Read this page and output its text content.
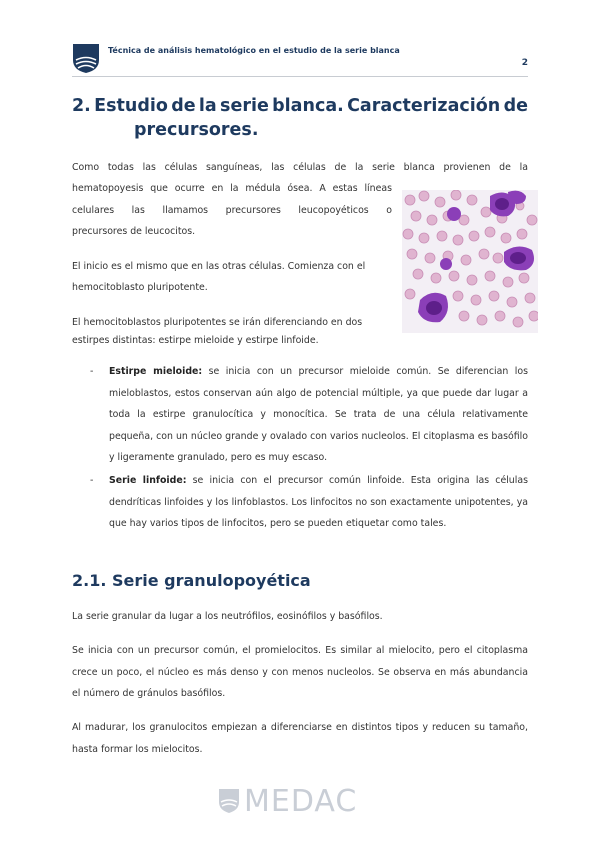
Técnica de análisis hematológico en el estudio de la serie blanca
2
2. Estudio de la serie blanca. Caracterización de
precursores.
Como todas las células sanguíneas, las células de la serie blanca provienen de la
hematopoyesis que ocurre en la médula ósea. A estas líneas
celulares las llamamos precursores leucopoyéticos o
precursores de leucocitos.
El inicio es el mismo que en las otras células. Comienza con el
hemocitoblasto pluripotente.
El hemocitoblastos pluripotentes se irán diferenciando en dos
estirpes distintas: estirpe mieloide y estirpe linfoide.
- Estirpe mieloide: se inicia con un precursor mieloide común. Se diferencian los mieloblastos, estos conservan aún algo de potencial múltiple, ya que puede dar lugar a toda la estirpe granulocítica y monocítica. Se trata de una célula relativamente pequeña, con un núcleo grande y ovalado con varios nucleolos. El citoplasma es basófilo y ligeramente granulado, pero es muy escaso.
- Serie linfoide: se inicia con el precursor común linfoide. Esta origina las células dendríticas linfoides y los linfoblastos. Los linfocitos no son exactamente unipotentes, ya que hay varios tipos de linfocitos, pero se pueden etiquetar como tales.
2.1. Serie granulopoyética
La serie granular da lugar a los neutrófilos, eosinófilos y basófilos.
Se inicia con un precursor común, el promielocitos. Es similar al mielocito, pero el citoplasma crece un poco, el núcleo es más denso y con menos nucleolos. Se observa en más abundancia el número de gránulos basófilos.
Al madurar, los granulocitos empiezan a diferenciarse en distintos tipos y reducen su tamaño, hasta formar los mielocitos.
MEDAC
